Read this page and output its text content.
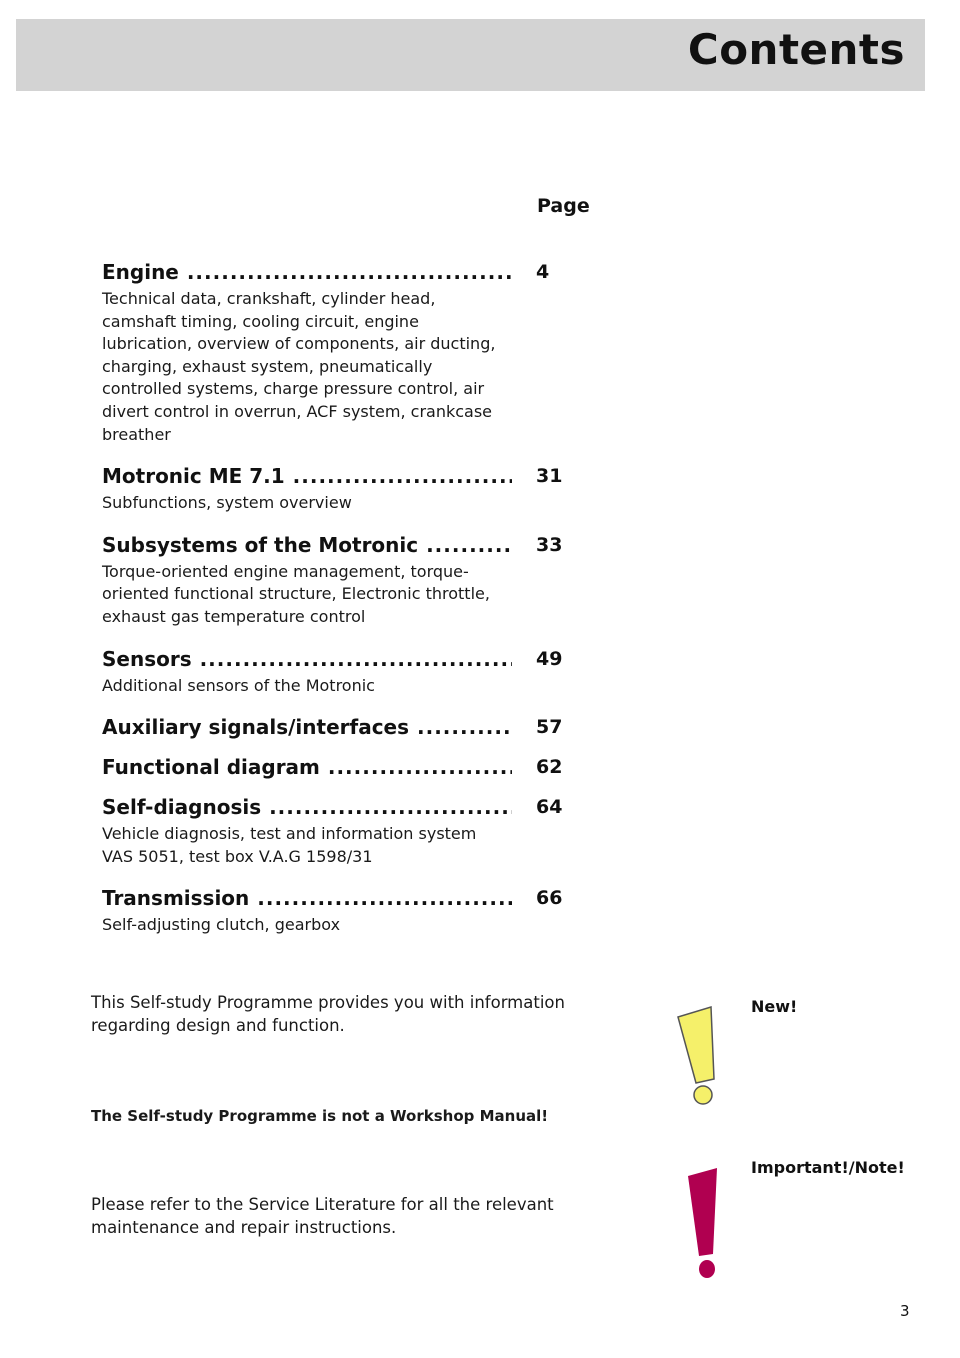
Contents
Page
Engine .....	4
Technical data, crankshaft, cylinder head,
camshaft timing, cooling circuit, engine
lubrication, overview of components, air ducting,
charging, exhaust system, pneumatically
controlled systems, charge pressure control, air
divert control in overrun, ACF system, crankcase
breather
Motronic ME 7.1 .....	31
Subfunctions, system overview
Subsystems of the Motronic .....	33
Torque-oriented engine management, torque-
oriented functional structure, Electronic throttle,
exhaust gas temperature control
Sensors .....	49
Additional sensors of the Motronic
Auxiliary signals/interfaces .....	57
Functional diagram .....	62
Self-diagnosis .....	64
Vehicle diagnosis, test and information system
VAS 5051, test box V.A.G 1598/31
Transmission .....	66
Self-adjusting clutch, gearbox
This Self-study Programme provides you with information
regarding design and function.
The Self-study Programme is not a Workshop Manual!
Please refer to the Service Literature for all the relevant
maintenance and repair instructions.
New!
Important!/Note!
3
